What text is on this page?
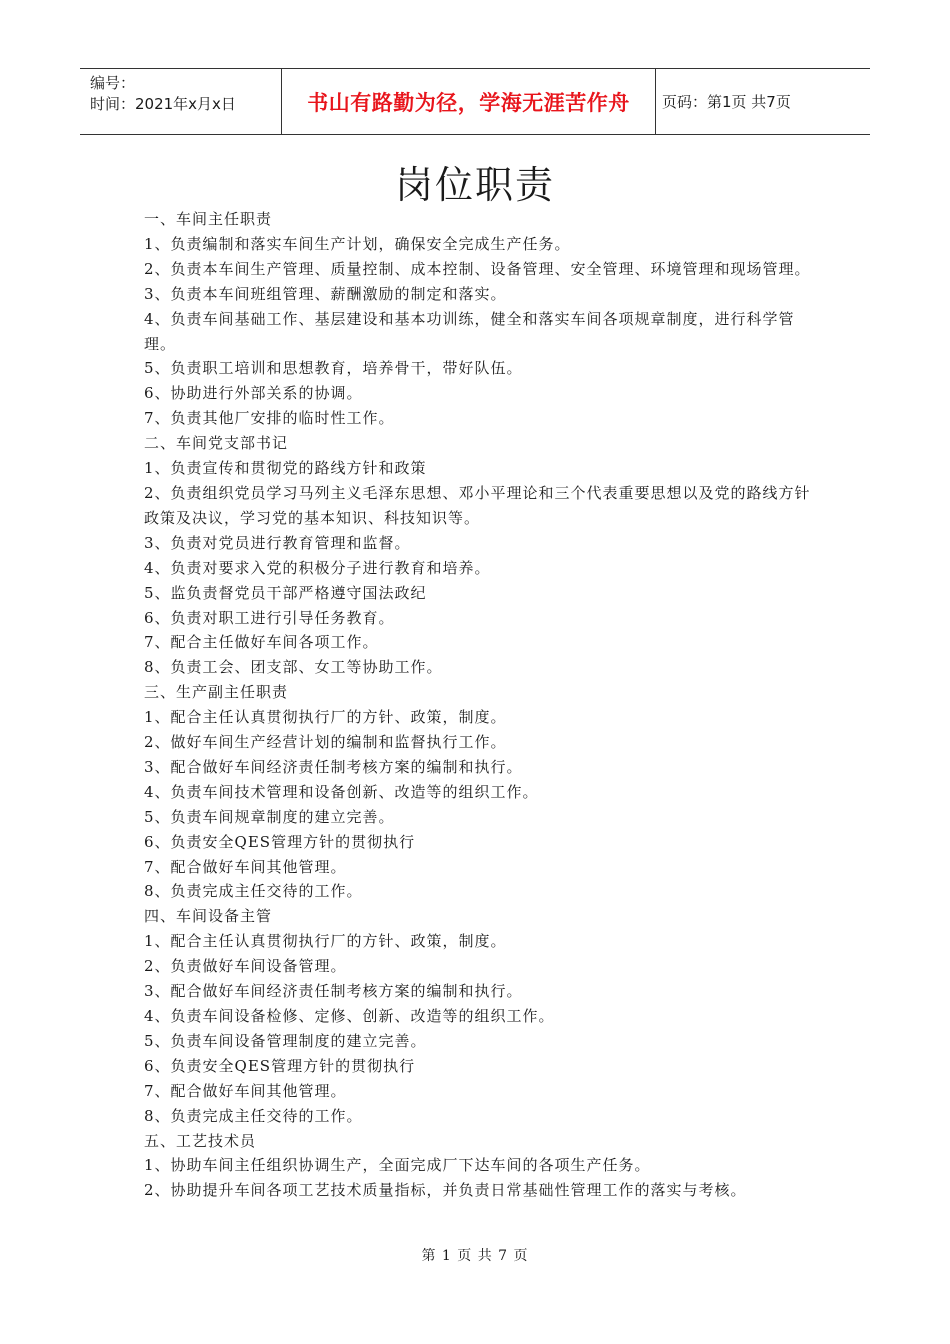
编号：
时间：2021年x月x日	书山有路勤为径，学海无涯苦作舟	页码：第1页 共7页
岗位职责

一、车间主任职责

1、负责编制和落实车间生产计划，确保安全完成生产任务。

2、负责本车间生产管理、质量控制、成本控制、设备管理、安全管理、环境管理和现场管理。

3、负责本车间班组管理、薪酬激励的制定和落实。

4、负责车间基础工作、基层建设和基本功训练，健全和落实车间各项规章制度，进行科学管理。

5、负责职工培训和思想教育，培养骨干，带好队伍。

6、协助进行外部关系的协调。

7、负责其他厂安排的临时性工作。

二、车间党支部书记

1、负责宣传和贯彻党的路线方针和政策

2、负责组织党员学习马列主义毛泽东思想、邓小平理论和三个代表重要思想以及党的路线方针政策及决议，学习党的基本知识、科技知识等。

3、负责对党员进行教育管理和监督。

4、负责对要求入党的积极分子进行教育和培养。

5、监负责督党员干部严格遵守国法政纪

6、负责对职工进行引导任务教育。

7、配合主任做好车间各项工作。

8、负责工会、团支部、女工等协助工作。

三、生产副主任职责

1、配合主任认真贯彻执行厂的方针、政策，制度。

2、做好车间生产经营计划的编制和监督执行工作。

3、配合做好车间经济责任制考核方案的编制和执行。

4、负责车间技术管理和设备创新、改造等的组织工作。

5、负责车间规章制度的建立完善。

6、负责安全QES管理方针的贯彻执行

7、配合做好车间其他管理。

8、负责完成主任交待的工作。

四、车间设备主管

1、配合主任认真贯彻执行厂的方针、政策，制度。

2、负责做好车间设备管理。

3、配合做好车间经济责任制考核方案的编制和执行。

4、负责车间设备检修、定修、创新、改造等的组织工作。

5、负责车间设备管理制度的建立完善。

6、负责安全QES管理方针的贯彻执行

7、配合做好车间其他管理。

8、负责完成主任交待的工作。

五、工艺技术员

1、协助车间主任组织协调生产，全面完成厂下达车间的各项生产任务。

2、协助提升车间各项工艺技术质量指标，并负责日常基础性管理工作的落实与考核。

第 1 页 共 7 页
